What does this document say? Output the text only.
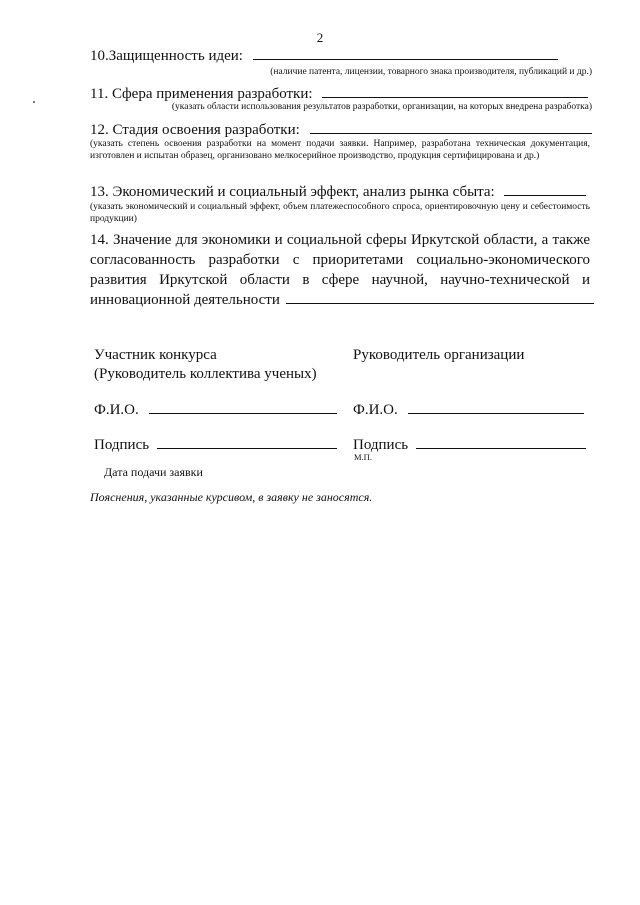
2
10.Защищенность идеи:
(наличие патента, лицензии, товарного знака производителя, публикаций и др.)
11. Сфера применения разработки:
(указать области использования результатов разработки, организации, на которых внедрена разработка)
12. Стадия освоения разработки:
(указать степень освоения разработки на момент подачи заявки. Например, разработана техническая документация, изготовлен и испытан образец, организовано мелкосерийное производство, продукция сертифицирована и др.)
13. Экономический и социальный эффект, анализ рынка сбыта:
(указать экономический и социальный эффект, объем платежеспособного спроса, ориентировочную цену и себестоимость продукции)
14. Значение для экономики и социальной сферы Иркутской области, а также
согласованность разработки с приоритетами социально-экономического
развития Иркутской области в сфере научной, научно-технической и
инновационной деятельности
Участник конкурса
(Руководитель коллектива ученых)
Ф.И.О.
Подпись
Руководитель организации
Ф.И.О.
Подпись
М.П.
Дата подачи заявки
Пояснения, указанные курсивом, в заявку не заносятся.
